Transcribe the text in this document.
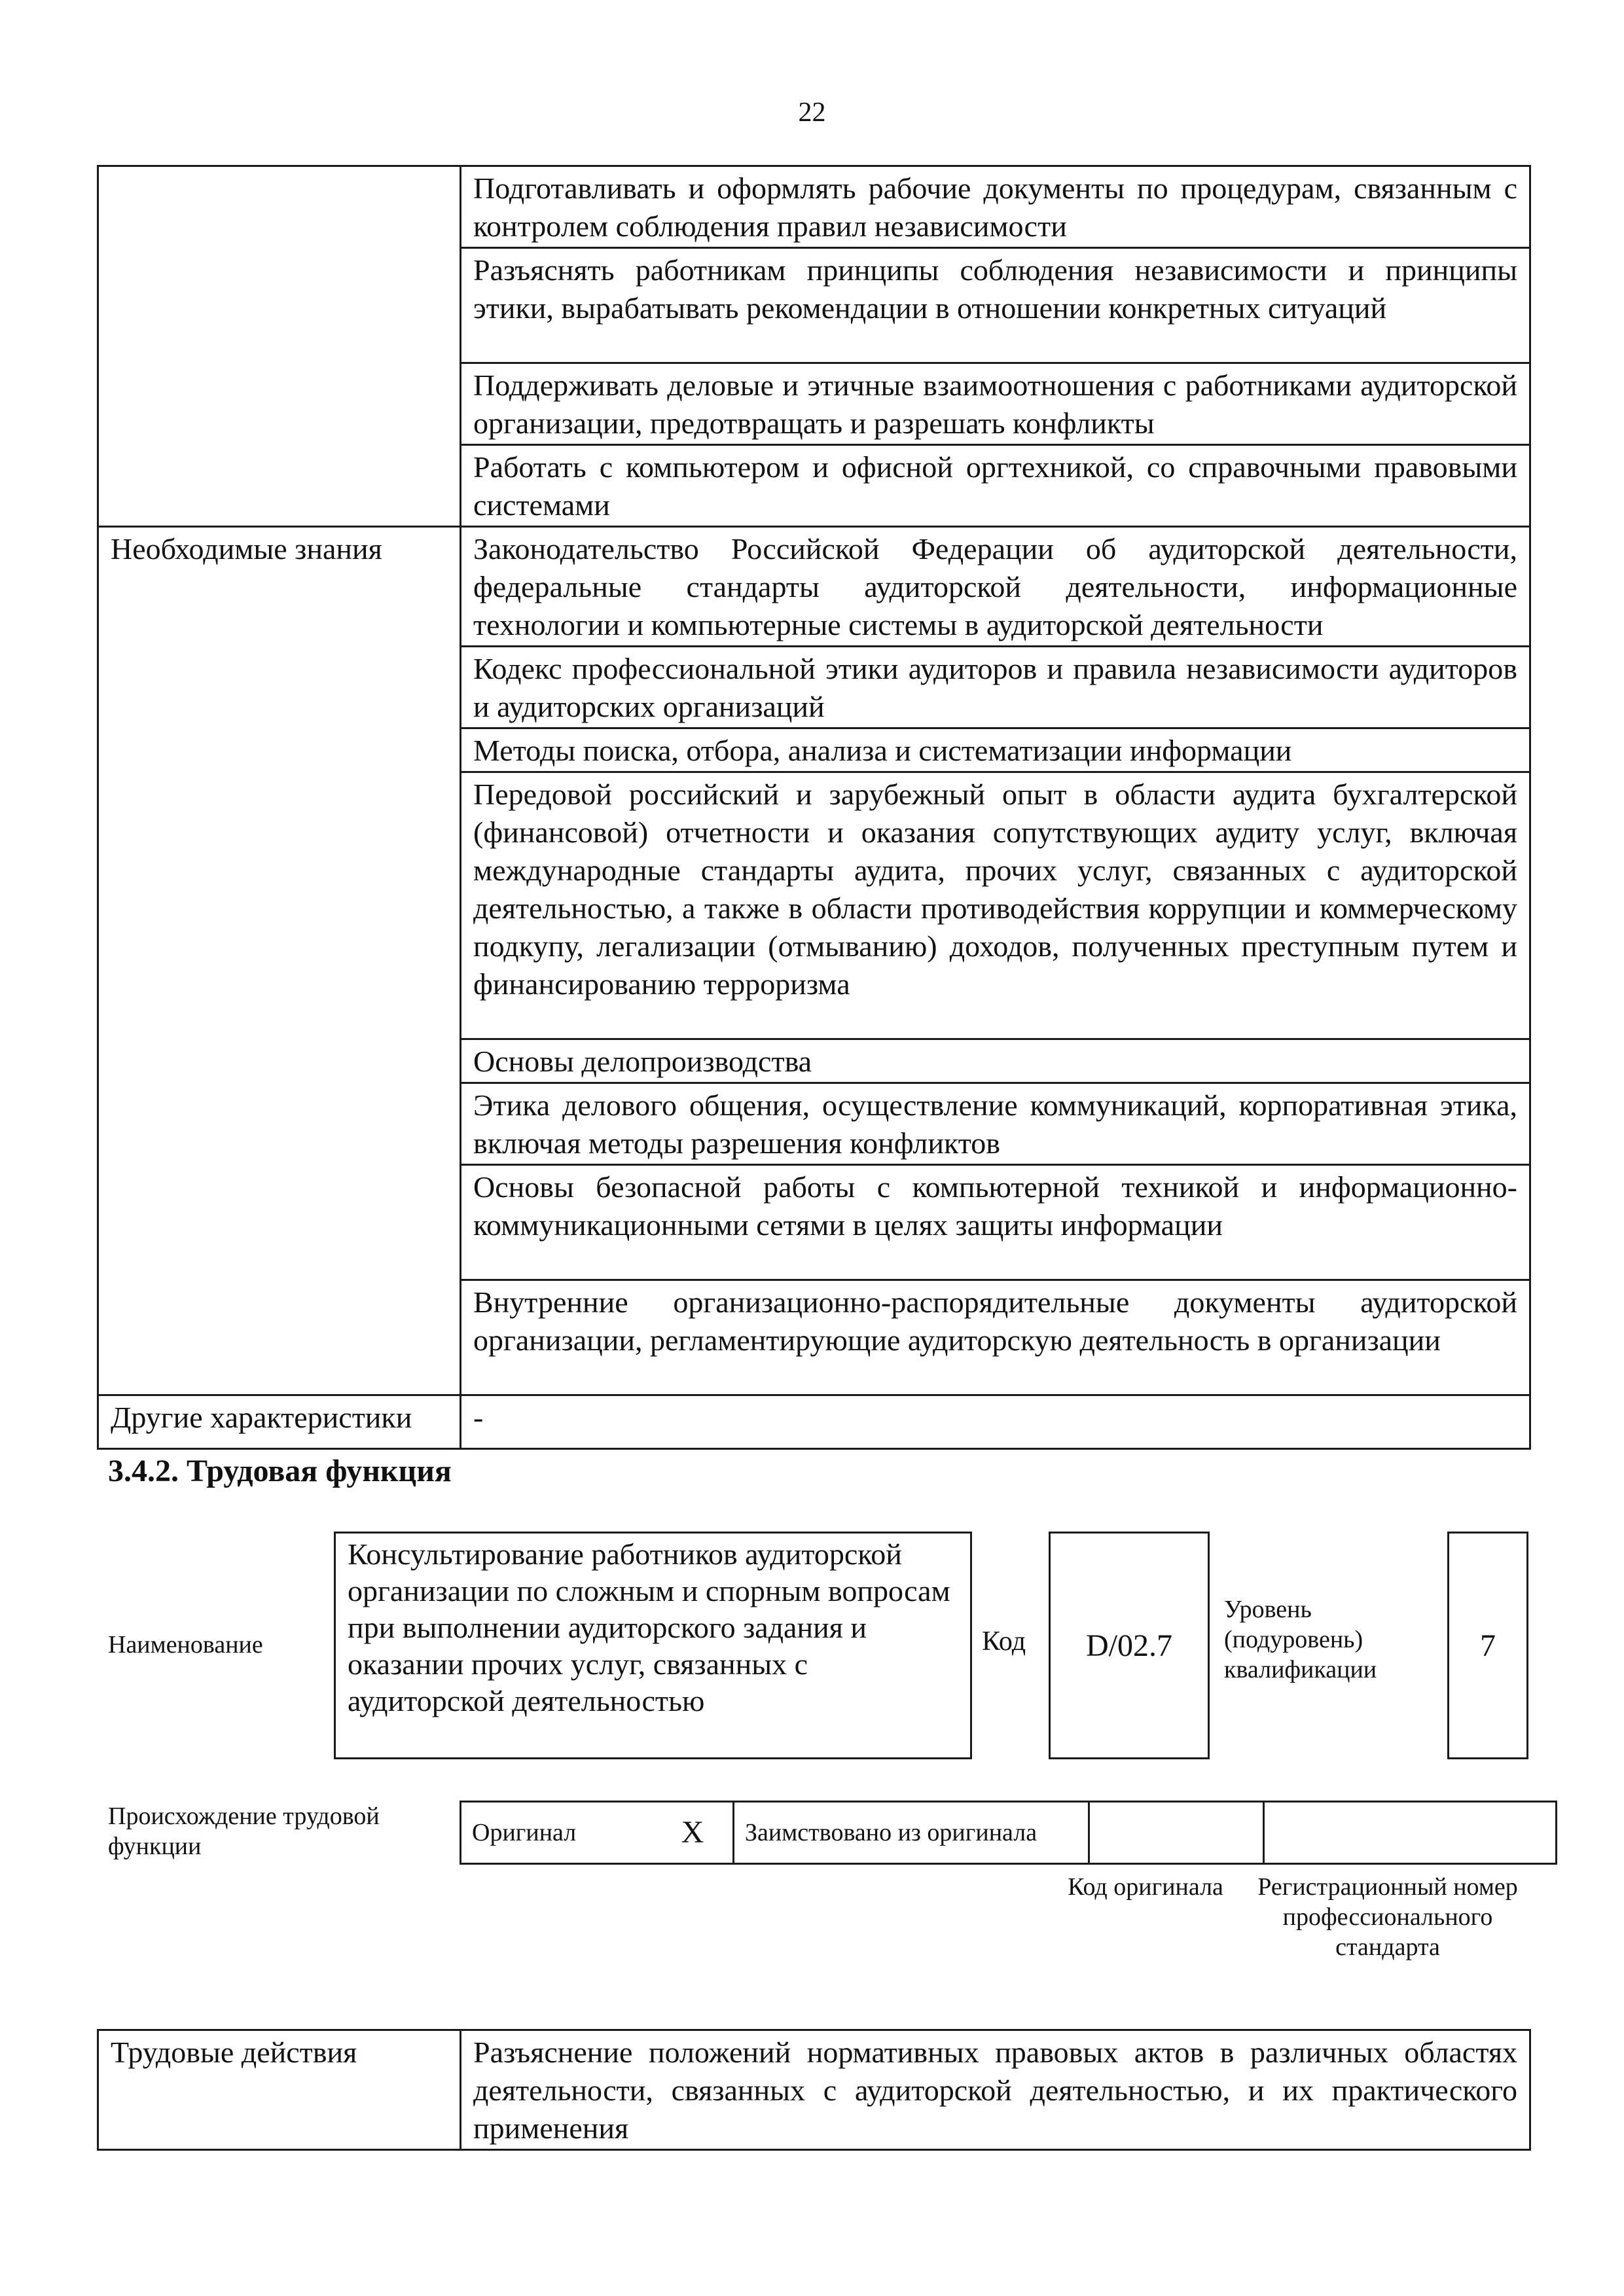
22
	Подготавливать и оформлять рабочие документы по процедурам, связанным с контролем соблюдения правил независимости
	Разъяснять работникам принципы соблюдения независимости и принципы этики, вырабатывать рекомендации в отношении конкретных ситуаций
	Поддерживать деловые и этичные взаимоотношения с работниками аудиторской организации, предотвращать и разрешать конфликты
	Работать с компьютером и офисной оргтехникой, со справочными правовыми системами
Необходимые знания	Законодательство Российской Федерации об аудиторской деятельности, федеральные стандарты аудиторской деятельности, информационные технологии и компьютерные системы в аудиторской деятельности
	Кодекс профессиональной этики аудиторов и правила независимости аудиторов и аудиторских организаций
	Методы поиска, отбора, анализа и систематизации информации
	Передовой российский и зарубежный опыт в области аудита бухгалтерской (финансовой) отчетности и оказания сопутствующих аудиту услуг, включая международные стандарты аудита, прочих услуг, связанных с аудиторской деятельностью, а также в области противодействия коррупции и коммерческому подкупу, легализации (отмыванию) доходов, полученных преступным путем и финансированию терроризма
	Основы делопроизводства
	Этика делового общения, осуществление коммуникаций, корпоративная этика, включая методы разрешения конфликтов
	Основы безопасной работы с компьютерной техникой и информационно-коммуникационными сетями в целях защиты информации
	Внутренние организационно-распорядительные документы аудиторской организации, регламентирующие аудиторскую деятельность в организации
Другие характеристики	-
3.4.2. Трудовая функция
Наименование
Консультирование работников аудиторской организации по сложным и спорным вопросам при выполнении аудиторского задания и оказании прочих услуг, связанных с аудиторской деятельностью
Код	D/02.7
Уровень (подуровень) квалификации
7
Происхождение трудовой функции	Оригинал	X	Заимствовано из оригинала		
Код оригинала	Регистрационный номер профессионального стандарта
Трудовые действия	Разъяснение положений нормативных правовых актов в различных областях деятельности, связанных с аудиторской деятельностью, и их практического применения
